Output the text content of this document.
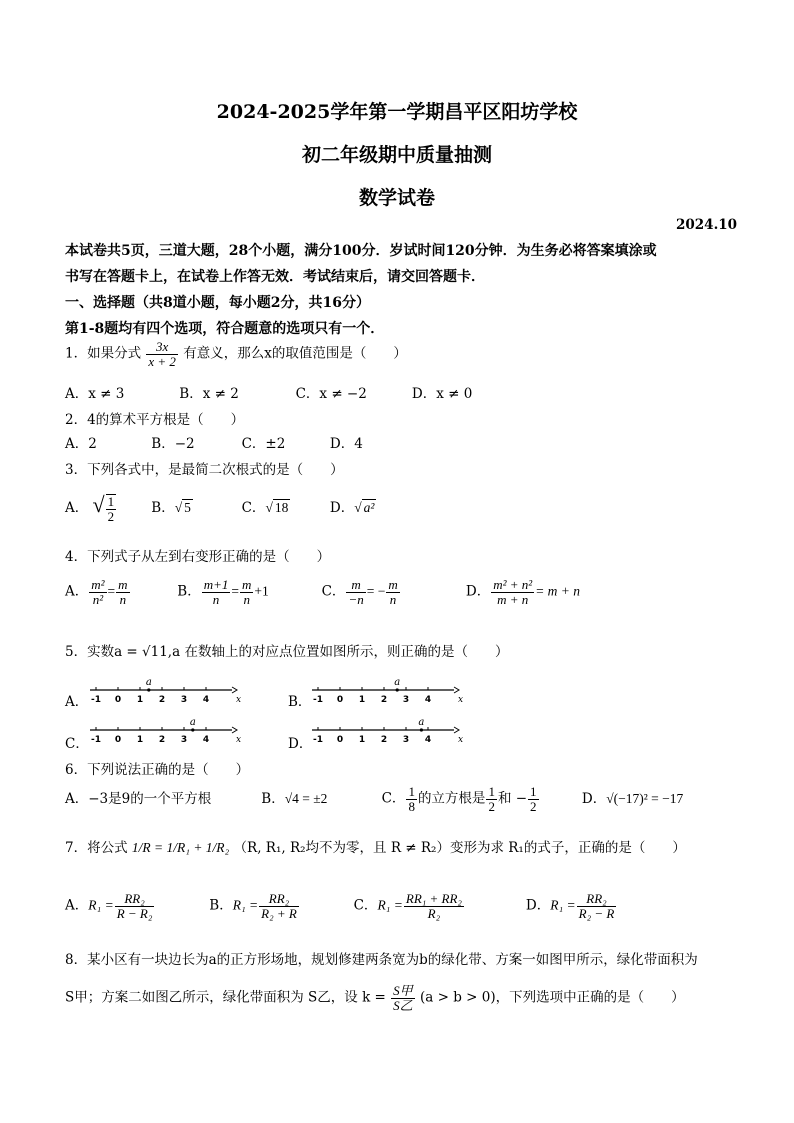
2024-2025学年第一学期昌平区阳坊学校
初二年级期中质量抽测
数学试卷
2024.10
本试卷共5页，三道大题，28个小题，满分100分．岁试时间120分钟．为生务必将答案填涂或
书写在答题卡上，在试卷上作答无效．考试结束后，请交回答题卡．
一、选择题（共8道小题，每小题2分，共16分）
第1-8题均有四个选项，符合题意的选项只有一个．
1．如果分式 $\frac{3x}{x + 2}$ 有意义，那么x的取值范围是（　　）
A．x ≠ 3	B．x ≠ 2	C．x ≠ −2	D．x ≠ 0
2．4的算术平方根是（　　）
A．2	B．−2	C．±2	D．4
3．下列各式中，是最简二次根式的是（　　）
A． √ $\frac{1}{2}$	B．√ 5	C．√ 18	D．√ a²
4．下列式子从左到右变形正确的是（　　）
A． $\frac{\text{m²}}{\text{n²}} = \frac{m}{n}$	B． $\frac{m+1}{n} = \frac{m}{n} +1$	C． $\frac{m}{-n}$ = − $\frac{m}{n}$	D． $\frac{\text{m² + n²}}{m + n} = m + n$
5．实数a = √11,a 在数轴上的对应点位置如图所示，则正确的是（　　）
A． -1 0 1 2 3 4	x
a
B． -1 0 1 2 3 4	x
a
C． -1 0 1 2 3 4	x
a
D． -1 0 1 2 3 4	x
a
6．下列说法正确的是（　　）
A．−3是9的一个平方根	B．√4 = ±2	C． $\frac{1}{8}$ 的立方根是 $\frac{1}{2}$ 和 − $\frac{1}{2}$	D．√(−17)² = −17
7．将公式 1/R = 1/R₁ + 1/R₂ （R, R₁, R₂均不为零，且 R ≠ R₂）变形为求 R₁的式子，正确的是（　　）
A．$R_1 = \frac{\text{RR₂}}{\text{R − R₂}}$	B．$R_1 = \frac{\text{RR₂}}{\text{R₂ + R}}$	C．$R_1 = \frac{\text{RR₁ + RR₂}}{\text{R₂}}$	D．$R_1 = \frac{\text{RR₂}}{\text{R₂ − R}}$
8．某小区有一块边长为a的正方形场地，规划修建两条宽为b的绿化带、方案一如图甲所示，绿化带面积为
S甲；方案二如图乙所示，绿化带面积为 S乙，设 $k = \frac{\text{S甲}}{\text{S乙}} (a > b > 0)$，下列选项中正确的是（　　）
